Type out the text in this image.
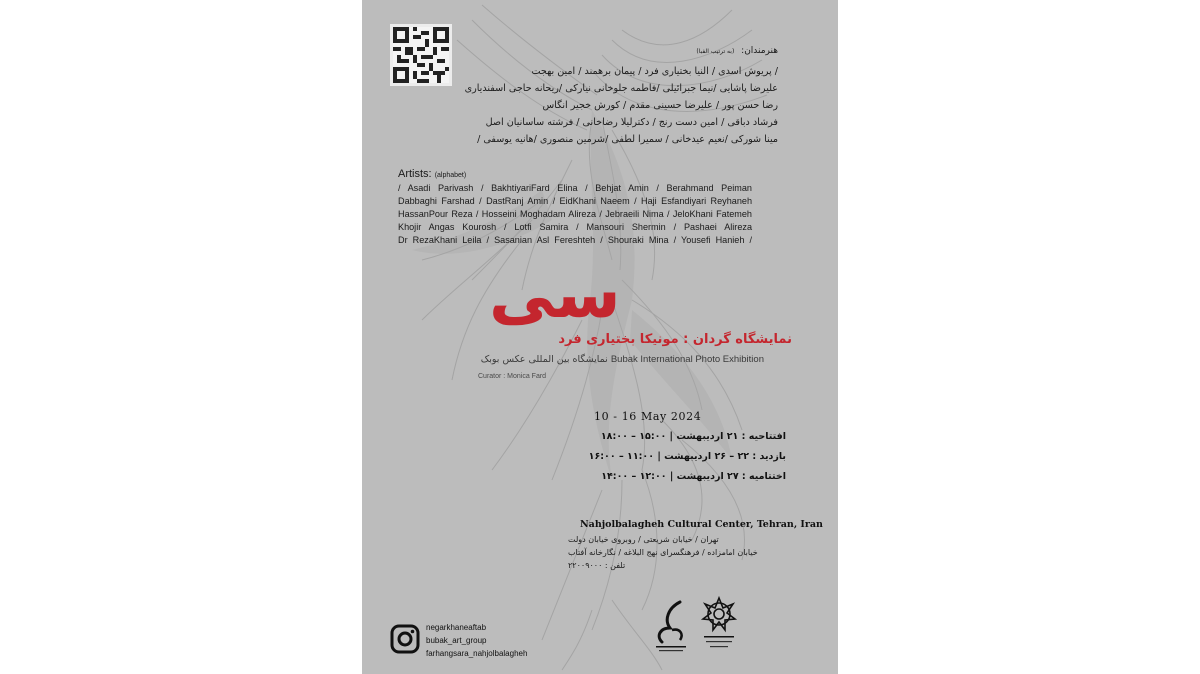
هنرمندان: (به ترتیب الفبا)
/ پریوش اسدی / النیا بختیاری فرد / پیمان برهمند / امین بهجت
علیرضا پاشایی /نیما جبرائیلی /فاطمه جلوخانی نیارکی /ریحانه حاجی اسفندیاری
رضا حسن پور / علیرضا حسینی مقدم / کورش خجیر انگاس
فرشاد دباقی / امین دست رنج / دکترلیلا رضاخانی / فرشته ساسانیان اصل
مینا شورکی /نعیم عیدخانی / سمیرا لطفی /شرمین منصوری /هانیه یوسفی /
Artists: (alphabet)
/ Asadi Parivash / BakhtiyariFard Elina / Behjat Amin / Berahmand Peiman
Dabbaghi Farshad / DastRanj Amin / EidKhani Naeem / Haji Esfandiyari Reyhaneh
HassanPour Reza / Hosseini Moghadam Alireza / Jebraeili Nima / JeloKhani Fatemeh
Khojir Angas Kourosh / Lotfi Samira / Mansouri Shermin / Pashaei Alireza
Dr RezaKhani Leila / Sasanian Asl Fereshteh / Shouraki Mina / Yousefi Hanieh /
سی
نمایشگاه گردان : مونیکا بختیاری فرد
نمایشگاه بین المللی عکس بوبک Bubak International Photo Exhibition
Curator : Monica Fard
10 - 16 May 2024
افتتاحیه : ۲۱ اردیبهشت | ۱۵:۰۰ – ۱۸:۰۰
بازدید : ۲۲ – ۲۶ اردیبهشت | ۱۱:۰۰ – ۱۶:۰۰
اختتامیه : ۲۷ اردیبهشت | ۱۲:۰۰ – ۱۴:۰۰
Nahjolbalagheh Cultural Center, Tehran, Iran
تهران / خیابان شریعتی / روبروی خیابان دولت
خیابان امامزاده / فرهنگسرای نهج البلاغه / نگارخانه آفتاب
تلفن : ۲۲۰۰۹۰۰۰
negarkhaneaftab
bubak_art_group
farhangsara_nahjolbalagheh
